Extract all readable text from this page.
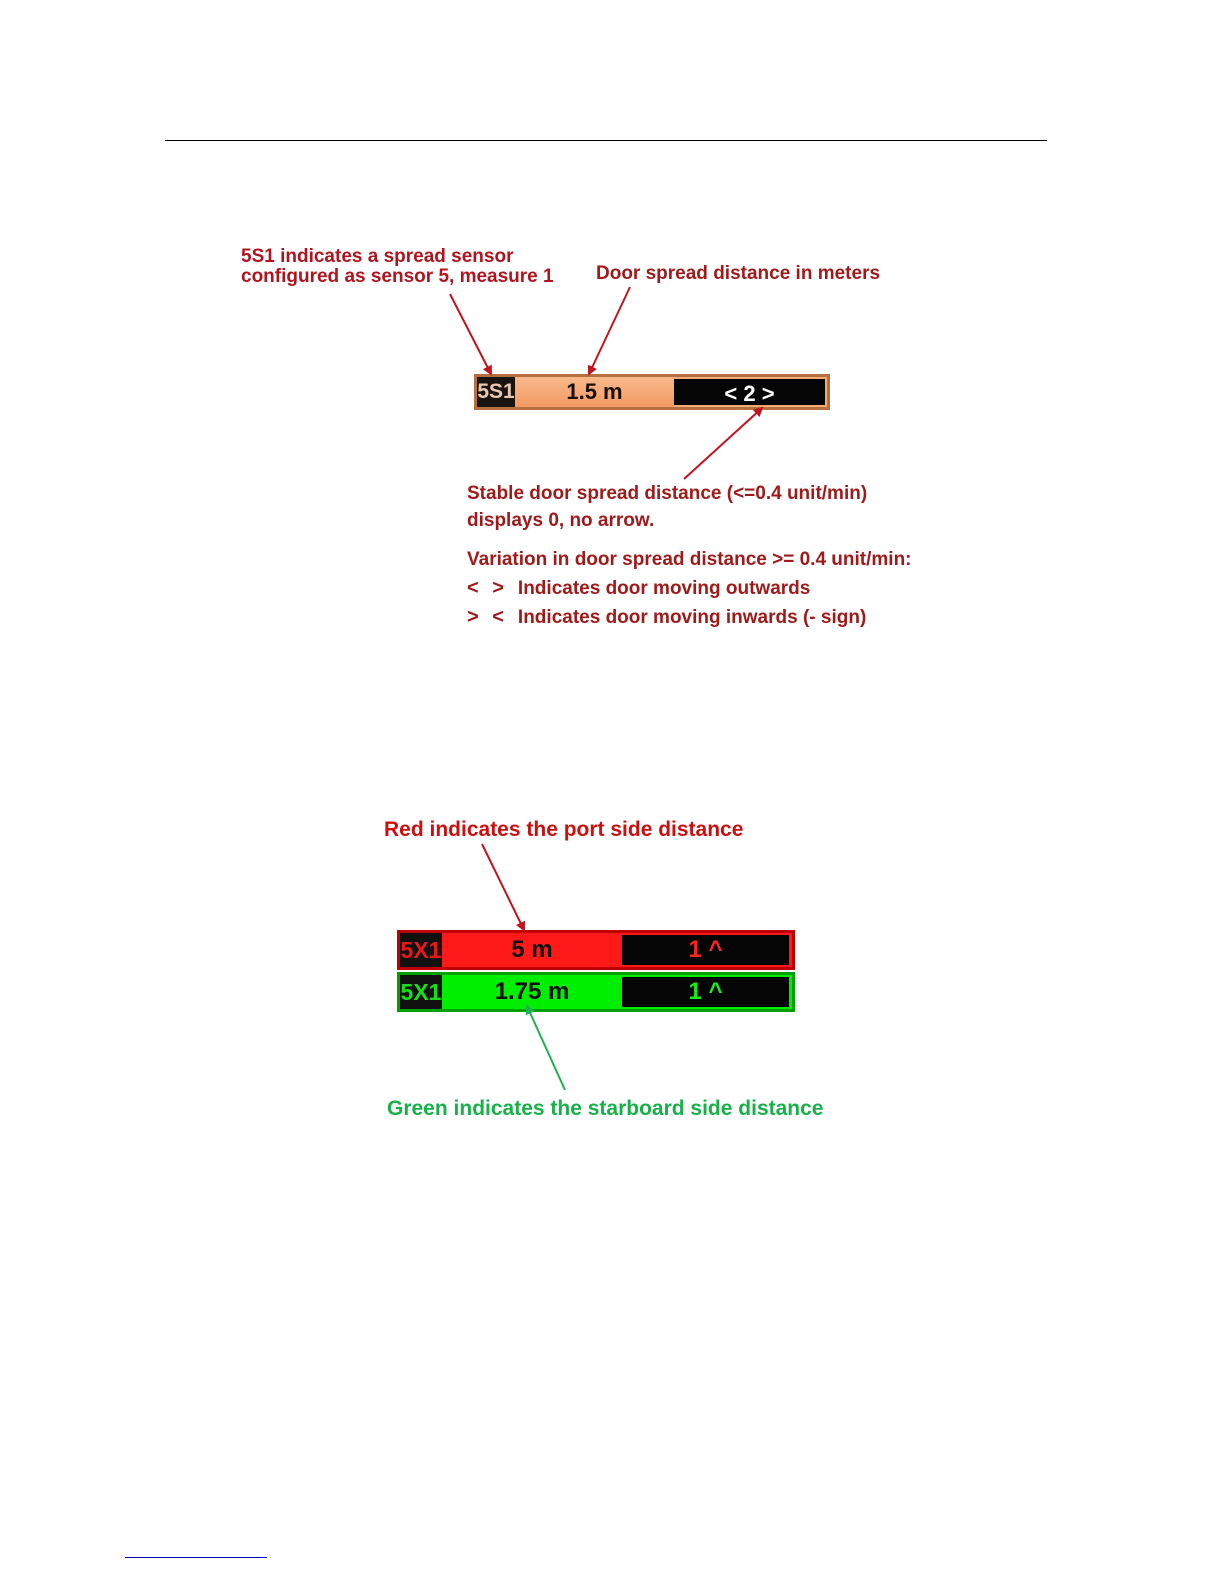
5S1 indicates a spread sensor
configured as sensor 5, measure 1 Door spread distance in meters
5S1	1.5 m	< 2 >
Stable door spread distance (<=0.4 unit/min)
displays 0, no arrow.
Variation in door spread distance >= 0.4 unit/min:
< > Indicates door moving outwards
> < Indicates door moving inwards (- sign)
Red indicates the port side distance
5X1	5 m	1 ^
5X1	1.75 m	1 ^
Green indicates the starboard side distance
